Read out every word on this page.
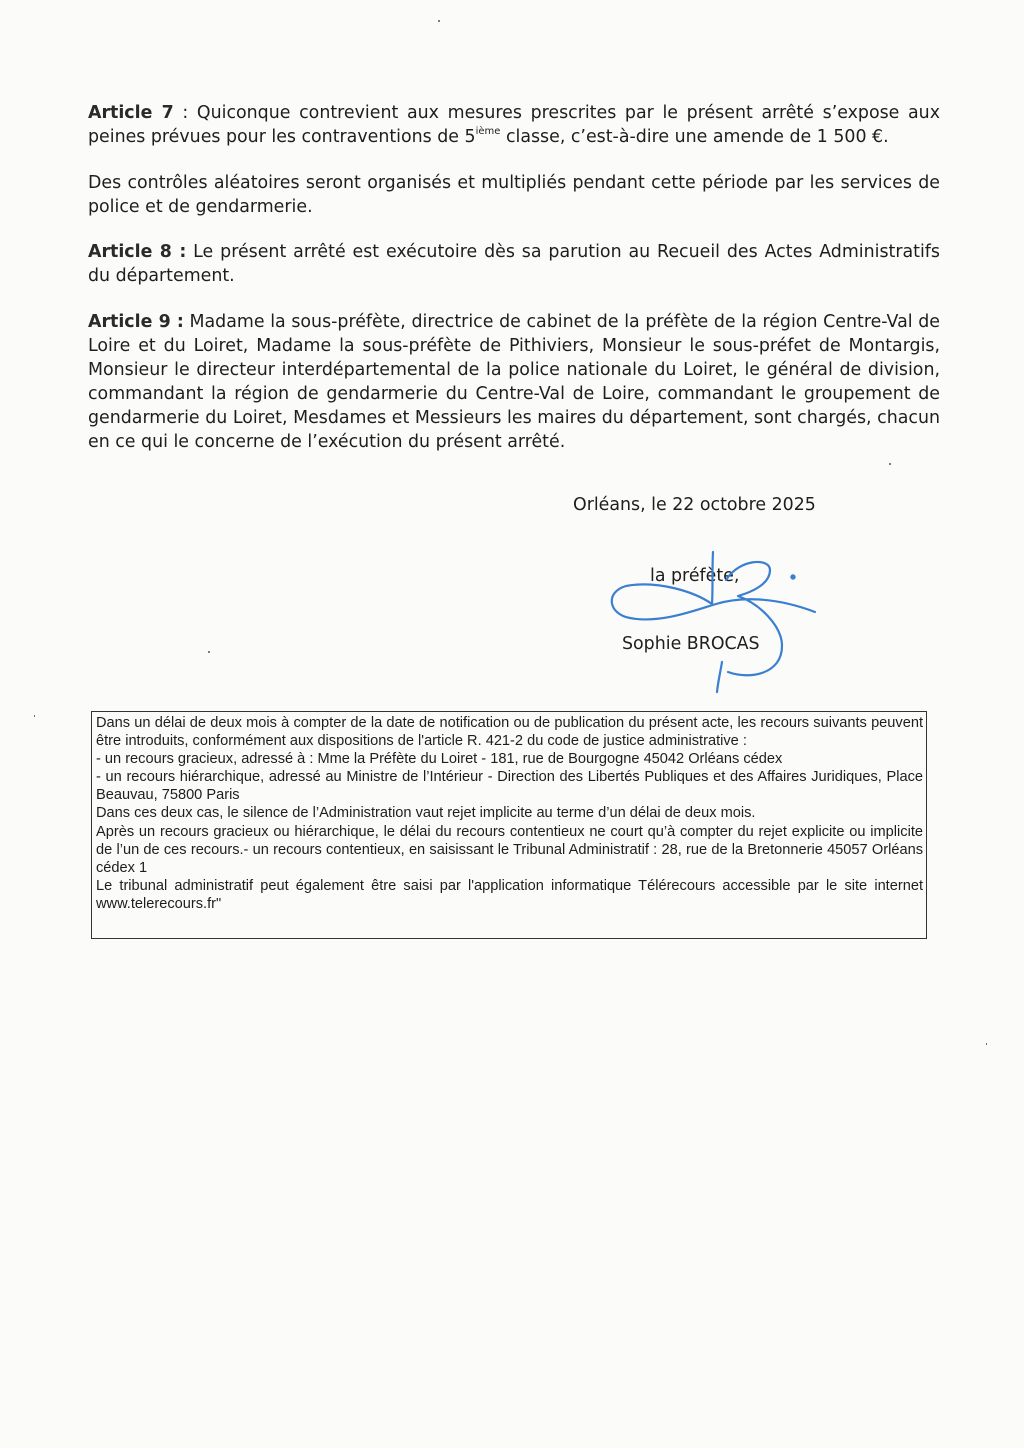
Article 7 : Quiconque contrevient aux mesures prescrites par le présent arrêté s’expose aux peines prévues pour les contraventions de 5ième classe, c’est-à-dire une amende de 1 500 €.

Des contrôles aléatoires seront organisés et multipliés pendant cette période par les services de police et de gendarmerie.

Article 8 : Le présent arrêté est exécutoire dès sa parution au Recueil des Actes Administratifs du département.

Article 9 : Madame la sous-préfète, directrice de cabinet de la préfète de la région Centre-Val de Loire et du Loiret, Madame la sous-préfète de Pithiviers, Monsieur le sous-préfet de Montargis, Monsieur le directeur interdépartemental de la police nationale du Loiret, le général de division, commandant la région de gendarmerie du Centre-Val de Loire, commandant le groupement de gendarmerie du Loiret, Mesdames et Messieurs les maires du département, sont chargés, chacun en ce qui le concerne de l’exécution du présent arrêté.

Orléans, le 22 octobre 2025
la préfète,
Sophie BROCAS

Dans un délai de deux mois à compter de la date de notification ou de publication du présent acte, les recours suivants peuvent être introduits, conformément aux dispositions de l'article R. 421-2 du code de justice administrative :

- un recours gracieux, adressé à : Mme la Préfète du Loiret - 181, rue de Bourgogne 45042 Orléans cédex

- un recours hiérarchique, adressé au Ministre de l’Intérieur - Direction des Libertés Publiques et des Affaires Juridiques, Place Beauvau, 75800 Paris

Dans ces deux cas, le silence de l’Administration vaut rejet implicite au terme d’un délai de deux mois.

Après un recours gracieux ou hiérarchique, le délai du recours contentieux ne court qu’à compter du rejet explicite ou implicite de l’un de ces recours.- un recours contentieux, en saisissant le Tribunal Administratif : 28, rue de la Bretonnerie 45057 Orléans cédex 1

Le tribunal administratif peut également être saisi par l'application informatique Télérecours accessible par le site internet www.telerecours.fr"
